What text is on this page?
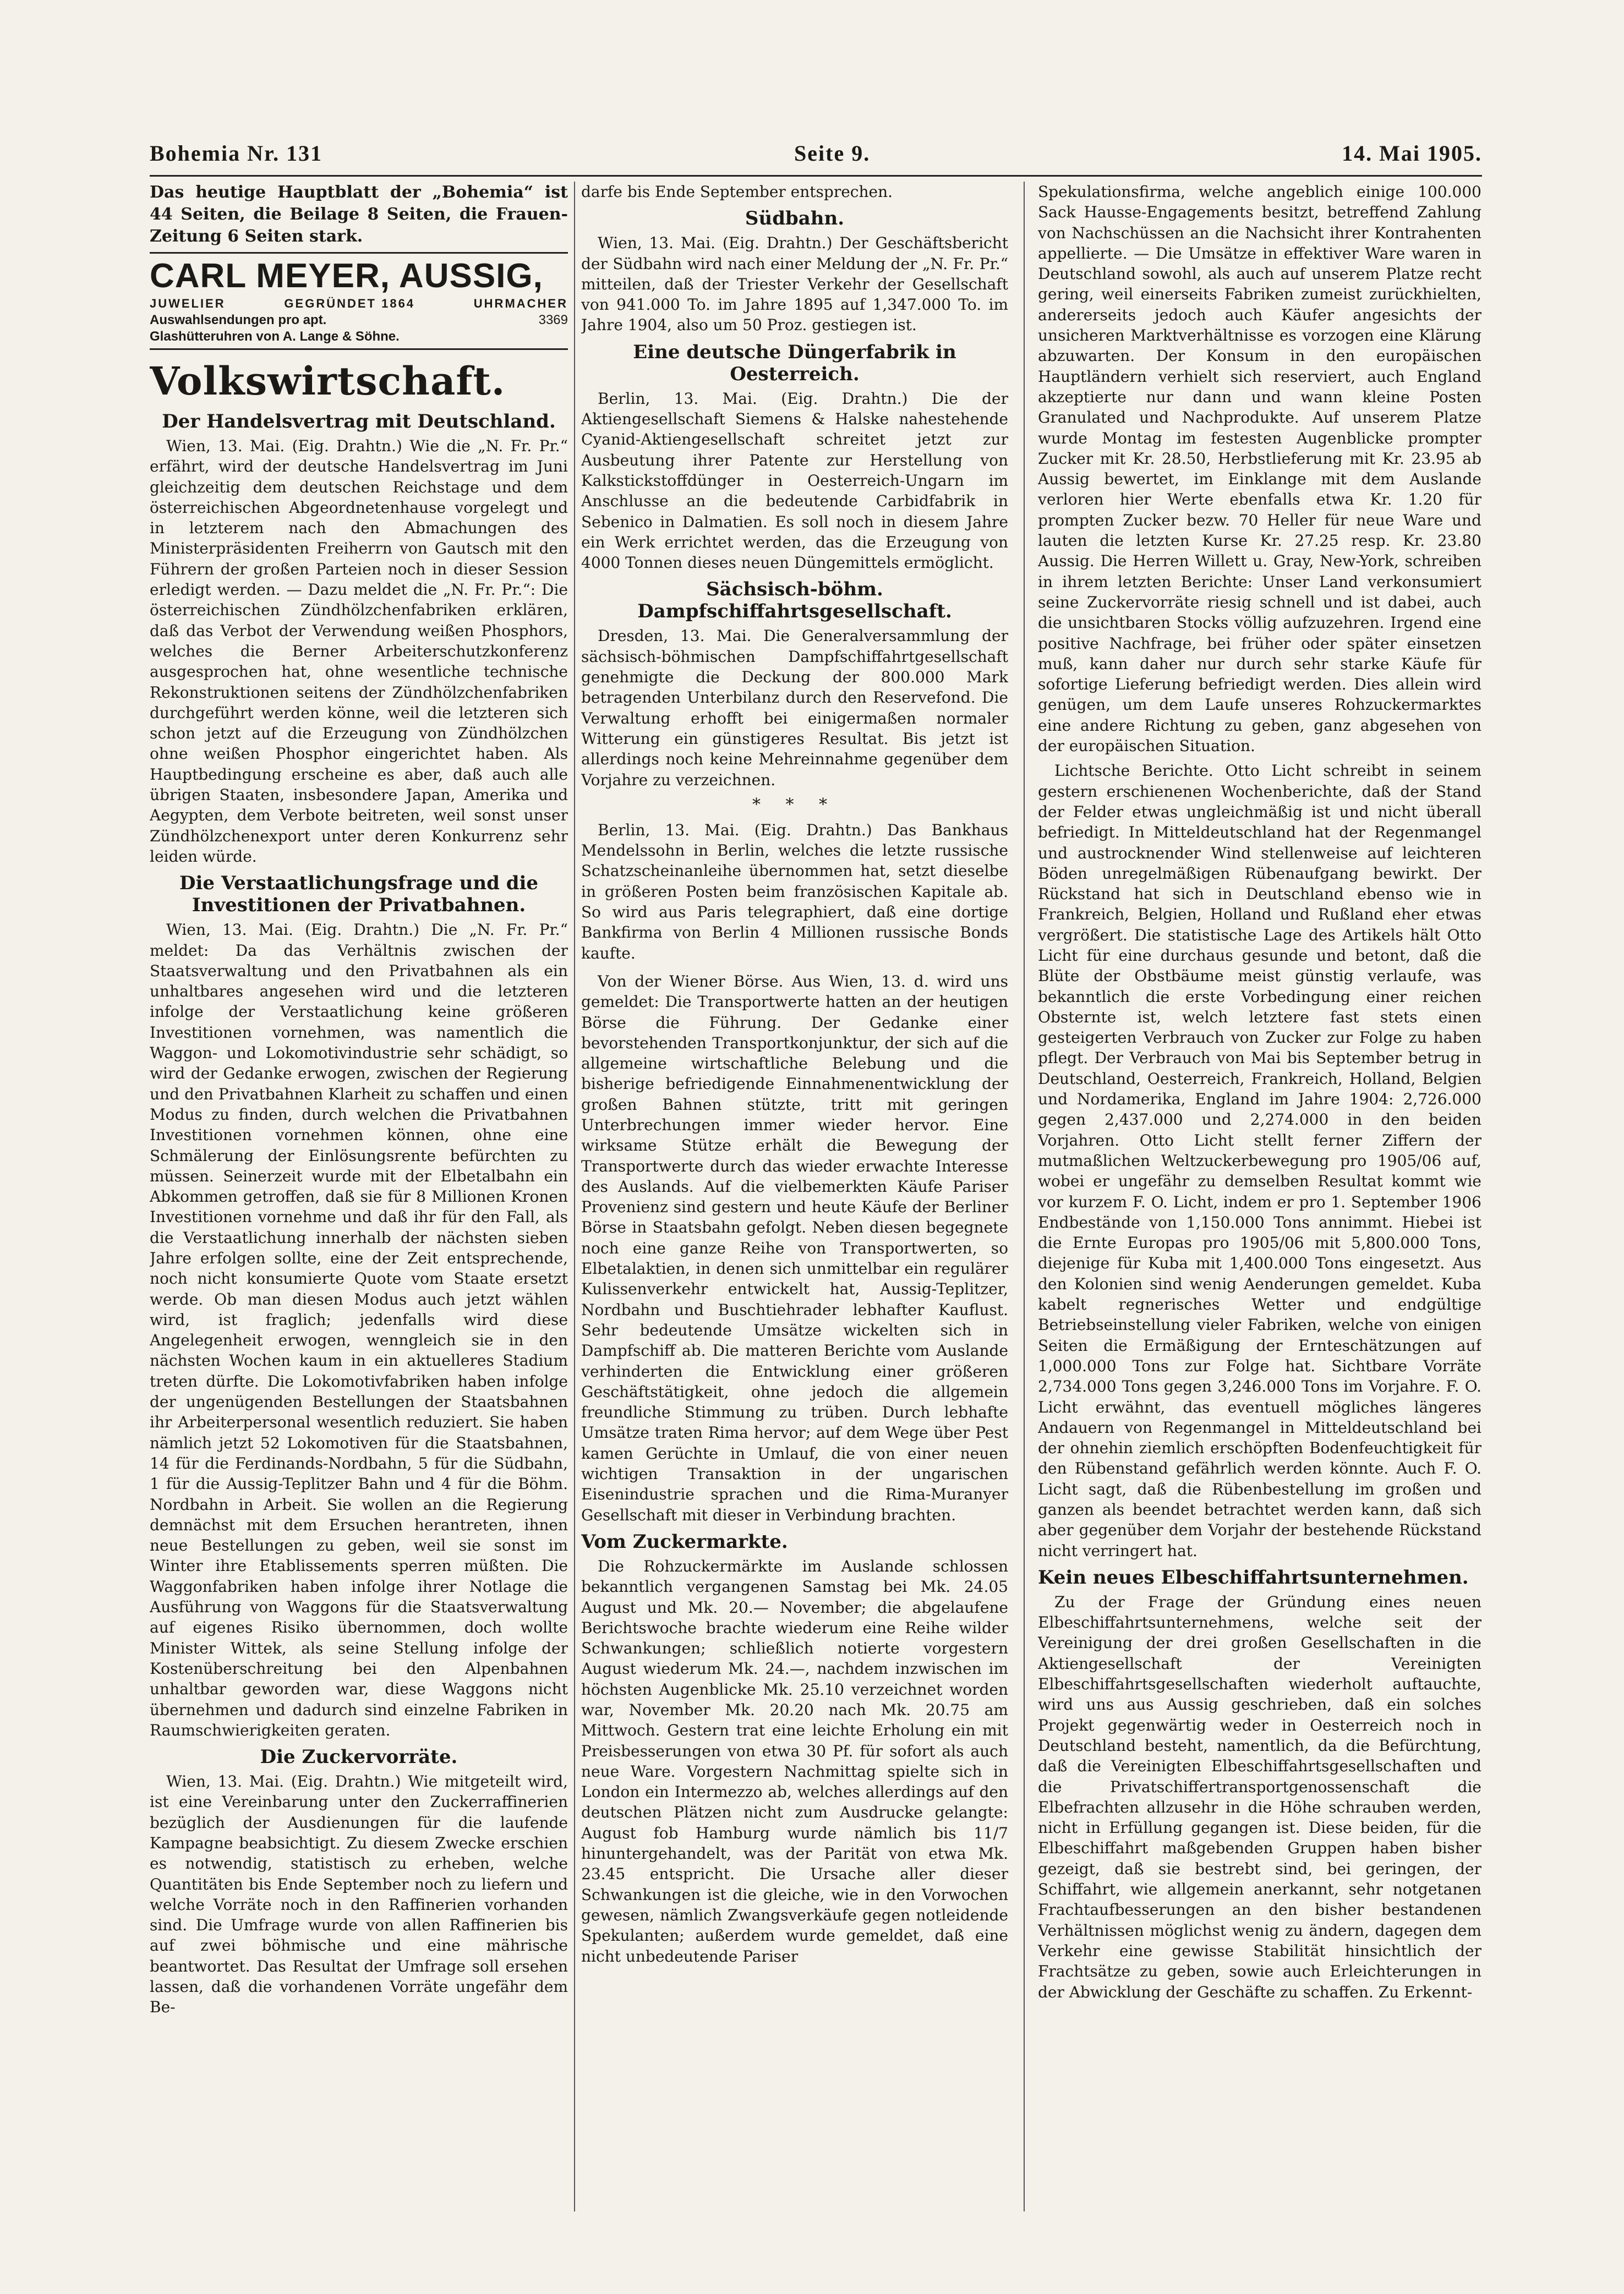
Bohemia Nr. 131	Seite 9.	14. Mai 1905.

Das heutige Hauptblatt der „Bohemia“ ist 44 Seiten, die Beilage 8 Seiten, die Frauen-Zeitung 6 Seiten stark.

CARL MEYER, AUSSIG,
JUWELIER	GEGRÜNDET 1864	UHRMACHER
Auswahlsendungen pro apt.	3369
Glashütteruhren von A. Lange & Söhne.
Volkswirtschaft.
Der Handelsvertrag mit Deutschland.

Wien, 13. Mai. (Eig. Drahtn.) Wie die „N. Fr. Pr.“ erfährt, wird der deutsche Handelsvertrag im Juni gleichzeitig dem deutschen Reichstage und dem österreichischen Abgeordnetenhause vorgelegt und in letzterem nach den Abmachungen des Ministerpräsidenten Freiherrn von Gautsch mit den Führern der großen Parteien noch in dieser Session erledigt werden. — Dazu meldet die „N. Fr. Pr.“: Die österreichischen Zündhölzchenfabriken erklären, daß das Verbot der Verwendung weißen Phosphors, welches die Berner Arbeiterschutzkonferenz ausgesprochen hat, ohne wesentliche technische Rekonstruktionen seitens der Zündhölzchenfabriken durchgeführt werden könne, weil die letzteren sich schon jetzt auf die Erzeugung von Zündhölzchen ohne weißen Phosphor eingerichtet haben. Als Hauptbedingung erscheine es aber, daß auch alle übrigen Staaten, insbesondere Japan, Amerika und Aegypten, dem Verbote beitreten, weil sonst unser Zündhölzchenexport unter deren Konkurrenz sehr leiden würde.

Die Verstaatlichungsfrage und die Investitionen der Privatbahnen.

Wien, 13. Mai. (Eig. Drahtn.) Die „N. Fr. Pr.“ meldet: Da das Verhältnis zwischen der Staatsverwaltung und den Privatbahnen als ein unhaltbares angesehen wird und die letzteren infolge der Verstaatlichung keine größeren Investitionen vornehmen, was namentlich die Waggon- und Lokomotivindustrie sehr schädigt, so wird der Gedanke erwogen, zwischen der Regierung und den Privatbahnen Klarheit zu schaffen und einen Modus zu finden, durch welchen die Privatbahnen Investitionen vornehmen können, ohne eine Schmälerung der Einlösungsrente befürchten zu müssen. Seinerzeit wurde mit der Elbetalbahn ein Abkommen getroffen, daß sie für 8 Millionen Kronen Investitionen vornehme und daß ihr für den Fall, als die Verstaatlichung innerhalb der nächsten sieben Jahre erfolgen sollte, eine der Zeit entsprechende, noch nicht konsumierte Quote vom Staate ersetzt werde. Ob man diesen Modus auch jetzt wählen wird, ist fraglich; jedenfalls wird diese Angelegenheit erwogen, wenngleich sie in den nächsten Wochen kaum in ein aktuelleres Stadium treten dürfte. Die Lokomotivfabriken haben infolge der ungenügenden Bestellungen der Staatsbahnen ihr Arbeiterpersonal wesentlich reduziert. Sie haben nämlich jetzt 52 Lokomotiven für die Staatsbahnen, 14 für die Ferdinands-Nordbahn, 5 für die Südbahn, 1 für die Aussig-Teplitzer Bahn und 4 für die Böhm. Nordbahn in Arbeit. Sie wollen an die Regierung demnächst mit dem Ersuchen herantreten, ihnen neue Bestellungen zu geben, weil sie sonst im Winter ihre Etablissements sperren müßten. Die Waggonfabriken haben infolge ihrer Notlage die Ausführung von Waggons für die Staatsverwaltung auf eigenes Risiko übernommen, doch wollte Minister Wittek, als seine Stellung infolge der Kostenüberschreitung bei den Alpenbahnen unhaltbar geworden war, diese Waggons nicht übernehmen und dadurch sind einzelne Fabriken in Raumschwierigkeiten geraten.

Die Zuckervorräte.

Wien, 13. Mai. (Eig. Drahtn.) Wie mitgeteilt wird, ist eine Vereinbarung unter den Zuckerraffinerien bezüglich der Ausdienungen für die laufende Kampagne beabsichtigt. Zu diesem Zwecke erschien es notwendig, statistisch zu erheben, welche Quantitäten bis Ende September noch zu liefern und welche Vorräte noch in den Raffinerien vorhanden sind. Die Umfrage wurde von allen Raffinerien bis auf zwei böhmische und eine mährische beantwortet. Das Resultat der Umfrage soll ersehen lassen, daß die vorhandenen Vorräte ungefähr dem Be-

darfe bis Ende September entsprechen.

Südbahn.

Wien, 13. Mai. (Eig. Drahtn.) Der Geschäftsbericht der Südbahn wird nach einer Meldung der „N. Fr. Pr.“ mitteilen, daß der Triester Verkehr der Gesellschaft von 941.000 To. im Jahre 1895 auf 1,347.000 To. im Jahre 1904, also um 50 Proz. gestiegen ist.

Eine deutsche Düngerfabrik in Oesterreich.

Berlin, 13. Mai. (Eig. Drahtn.) Die der Aktiengesellschaft Siemens & Halske nahestehende Cyanid-Aktiengesellschaft schreitet jetzt zur Ausbeutung ihrer Patente zur Herstellung von Kalkstickstoffdünger in Oesterreich-Ungarn im Anschlusse an die bedeutende Carbidfabrik in Sebenico in Dalmatien. Es soll noch in diesem Jahre ein Werk errichtet werden, das die Erzeugung von 4000 Tonnen dieses neuen Düngemittels ermöglicht.

Sächsisch-böhm. Dampfschiffahrtsgesellschaft.

Dresden, 13. Mai. Die Generalversammlung der sächsisch-böhmischen Dampfschiffahrtgesellschaft genehmigte die Deckung der 800.000 Mark betragenden Unterbilanz durch den Reservefond. Die Verwaltung erhofft bei einigermaßen normaler Witterung ein günstigeres Resultat. Bis jetzt ist allerdings noch keine Mehreinnahme gegenüber dem Vorjahre zu verzeichnen.

* * *

Berlin, 13. Mai. (Eig. Drahtn.) Das Bankhaus Mendelssohn in Berlin, welches die letzte russische Schatzscheinanleihe übernommen hat, setzt dieselbe in größeren Posten beim französischen Kapitale ab. So wird aus Paris telegraphiert, daß eine dortige Bankfirma von Berlin 4 Millionen russische Bonds kaufte.

Von der Wiener Börse. Aus Wien, 13. d. wird uns gemeldet: Die Transportwerte hatten an der heutigen Börse die Führung. Der Gedanke einer bevorstehenden Transportkonjunktur, der sich auf die allgemeine wirtschaftliche Belebung und die bisherige befriedigende Einnahmenentwicklung der großen Bahnen stützte, tritt mit geringen Unterbrechungen immer wieder hervor. Eine wirksame Stütze erhält die Bewegung der Transportwerte durch das wieder erwachte Interesse des Auslands. Auf die vielbemerkten Käufe Pariser Provenienz sind gestern und heute Käufe der Berliner Börse in Staatsbahn gefolgt. Neben diesen begegnete noch eine ganze Reihe von Transportwerten, so Elbetalaktien, in denen sich unmittelbar ein regulärer Kulissenverkehr entwickelt hat, Aussig-Teplitzer, Nordbahn und Buschtiehrader lebhafter Kauflust. Sehr bedeutende Umsätze wickelten sich in Dampfschiff ab. Die matteren Berichte vom Auslande verhinderten die Entwicklung einer größeren Geschäftstätigkeit, ohne jedoch die allgemein freundliche Stimmung zu trüben. Durch lebhafte Umsätze traten Rima hervor; auf dem Wege über Pest kamen Gerüchte in Umlauf, die von einer neuen wichtigen Transaktion in der ungarischen Eisenindustrie sprachen und die Rima-Muranyer Gesellschaft mit dieser in Verbindung brachten.

Vom Zuckermarkte.

Die Rohzuckermärkte im Auslande schlossen bekanntlich vergangenen Samstag bei Mk. 24.05 August und Mk. 20.— November; die abgelaufene Berichtswoche brachte wiederum eine Reihe wilder Schwankungen; schließlich notierte vorgestern August wiederum Mk. 24.—, nachdem inzwischen im höchsten Augenblicke Mk. 25.10 verzeichnet worden war, November Mk. 20.20 nach Mk. 20.75 am Mittwoch. Gestern trat eine leichte Erholung ein mit Preisbesserungen von etwa 30 Pf. für sofort als auch neue Ware. Vorgestern Nachmittag spielte sich in London ein Intermezzo ab, welches allerdings auf den deutschen Plätzen nicht zum Ausdrucke gelangte: August fob Hamburg wurde nämlich bis 11/7 hinuntergehandelt, was der Parität von etwa Mk. 23.45 entspricht. Die Ursache aller dieser Schwankungen ist die gleiche, wie in den Vorwochen gewesen, nämlich Zwangsverkäufe gegen notleidende Spekulanten; außerdem wurde gemeldet, daß eine nicht unbedeutende Pariser

Spekulationsfirma, welche angeblich einige 100.000 Sack Hausse-Engagements besitzt, betreffend Zahlung von Nachschüssen an die Nachsicht ihrer Kontrahenten appellierte. — Die Umsätze in effektiver Ware waren in Deutschland sowohl, als auch auf unserem Platze recht gering, weil einerseits Fabriken zumeist zurückhielten, andererseits jedoch auch Käufer angesichts der unsicheren Marktverhältnisse es vorzogen eine Klärung abzuwarten. Der Konsum in den europäischen Hauptländern verhielt sich reserviert, auch England akzeptierte nur dann und wann kleine Posten Granulated und Nachprodukte. Auf unserem Platze wurde Montag im festesten Augenblicke prompter Zucker mit Kr. 28.50, Herbstlieferung mit Kr. 23.95 ab Aussig bewertet, im Einklange mit dem Auslande verloren hier Werte ebenfalls etwa Kr. 1.20 für prompten Zucker bezw. 70 Heller für neue Ware und lauten die letzten Kurse Kr. 27.25 resp. Kr. 23.80 Aussig. Die Herren Willett u. Gray, New-York, schreiben in ihrem letzten Berichte: Unser Land verkonsumiert seine Zuckervorräte riesig schnell und ist dabei, auch die unsichtbaren Stocks völlig aufzuzehren. Irgend eine positive Nachfrage, bei früher oder später einsetzen muß, kann daher nur durch sehr starke Käufe für sofortige Lieferung befriedigt werden. Dies allein wird genügen, um dem Laufe unseres Rohzuckermarktes eine andere Richtung zu geben, ganz abgesehen von der europäischen Situation.

Lichtsche Berichte. Otto Licht schreibt in seinem gestern erschienenen Wochenberichte, daß der Stand der Felder etwas ungleichmäßig ist und nicht überall befriedigt. In Mitteldeutschland hat der Regenmangel und austrocknender Wind stellenweise auf leichteren Böden unregelmäßigen Rübenaufgang bewirkt. Der Rückstand hat sich in Deutschland ebenso wie in Frankreich, Belgien, Holland und Rußland eher etwas vergrößert. Die statistische Lage des Artikels hält Otto Licht für eine durchaus gesunde und betont, daß die Blüte der Obstbäume meist günstig verlaufe, was bekanntlich die erste Vorbedingung einer reichen Obsternte ist, welch letztere fast stets einen gesteigerten Verbrauch von Zucker zur Folge zu haben pflegt. Der Verbrauch von Mai bis September betrug in Deutschland, Oesterreich, Frankreich, Holland, Belgien und Nordamerika, England im Jahre 1904: 2,726.000 gegen 2,437.000 und 2,274.000 in den beiden Vorjahren. Otto Licht stellt ferner Ziffern der mutmaßlichen Weltzuckerbewegung pro 1905/06 auf, wobei er ungefähr zu demselben Resultat kommt wie vor kurzem F. O. Licht, indem er pro 1. September 1906 Endbestände von 1,150.000 Tons annimmt. Hiebei ist die Ernte Europas pro 1905/06 mit 5,800.000 Tons, diejenige für Kuba mit 1,400.000 Tons eingesetzt. Aus den Kolonien sind wenig Aenderungen gemeldet. Kuba kabelt regnerisches Wetter und endgültige Betriebseinstellung vieler Fabriken, welche von einigen Seiten die Ermäßigung der Ernteschätzungen auf 1,000.000 Tons zur Folge hat. Sichtbare Vorräte 2,734.000 Tons gegen 3,246.000 Tons im Vorjahre. F. O. Licht erwähnt, das eventuell mögliches längeres Andauern von Regenmangel in Mitteldeutschland bei der ohnehin ziemlich erschöpften Bodenfeuchtigkeit für den Rübenstand gefährlich werden könnte. Auch F. O. Licht sagt, daß die Rübenbestellung im großen und ganzen als beendet betrachtet werden kann, daß sich aber gegenüber dem Vorjahr der bestehende Rückstand nicht verringert hat.

Kein neues Elbeschiffahrtsunternehmen.

Zu der Frage der Gründung eines neuen Elbeschiffahrtsunternehmens, welche seit der Vereinigung der drei großen Gesellschaften in die Aktiengesellschaft der Vereinigten Elbeschiffahrtsgesellschaften wiederholt auftauchte, wird uns aus Aussig geschrieben, daß ein solches Projekt gegenwärtig weder in Oesterreich noch in Deutschland besteht, namentlich, da die Befürchtung, daß die Vereinigten Elbeschiffahrtsgesellschaften und die Privatschiffertransportgenossenschaft die Elbefrachten allzusehr in die Höhe schrauben werden, nicht in Erfüllung gegangen ist. Diese beiden, für die Elbeschiffahrt maßgebenden Gruppen haben bisher gezeigt, daß sie bestrebt sind, bei geringen, der Schiffahrt, wie allgemein anerkannt, sehr notgetanen Frachtaufbesserungen an den bisher bestandenen Verhältnissen möglichst wenig zu ändern, dagegen dem Verkehr eine gewisse Stabilität hinsichtlich der Frachtsätze zu geben, sowie auch Erleichterungen in der Abwicklung der Geschäfte zu schaffen. Zu Erkennt-
